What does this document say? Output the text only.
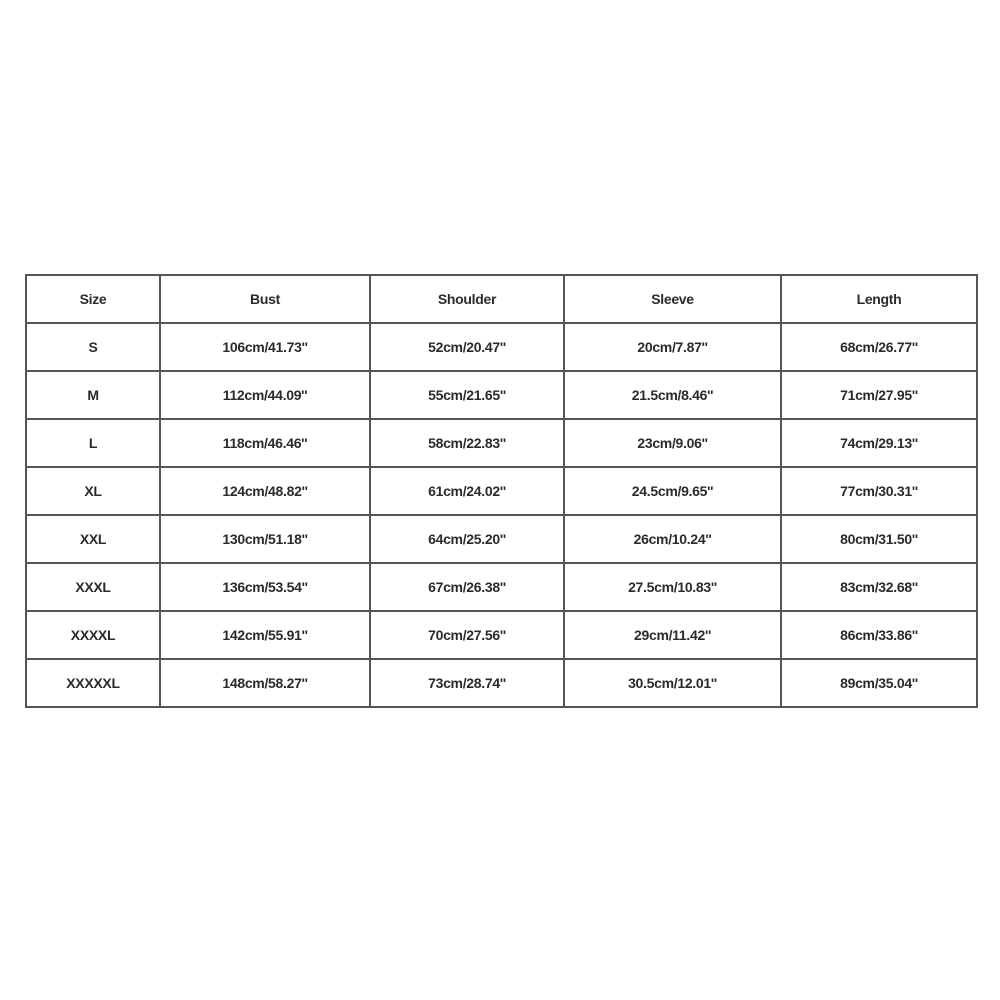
Size	Bust	Shoulder	Sleeve	Length
S	106cm/41.73''	52cm/20.47''	20cm/7.87''	68cm/26.77''
M	112cm/44.09''	55cm/21.65''	21.5cm/8.46''	71cm/27.95''
L	118cm/46.46''	58cm/22.83''	23cm/9.06''	74cm/29.13''
XL	124cm/48.82''	61cm/24.02''	24.5cm/9.65''	77cm/30.31''
XXL	130cm/51.18''	64cm/25.20''	26cm/10.24''	80cm/31.50''
XXXL	136cm/53.54''	67cm/26.38''	27.5cm/10.83''	83cm/32.68''
XXXXL	142cm/55.91''	70cm/27.56''	29cm/11.42''	86cm/33.86''
XXXXXL	148cm/58.27''	73cm/28.74''	30.5cm/12.01''	89cm/35.04''
